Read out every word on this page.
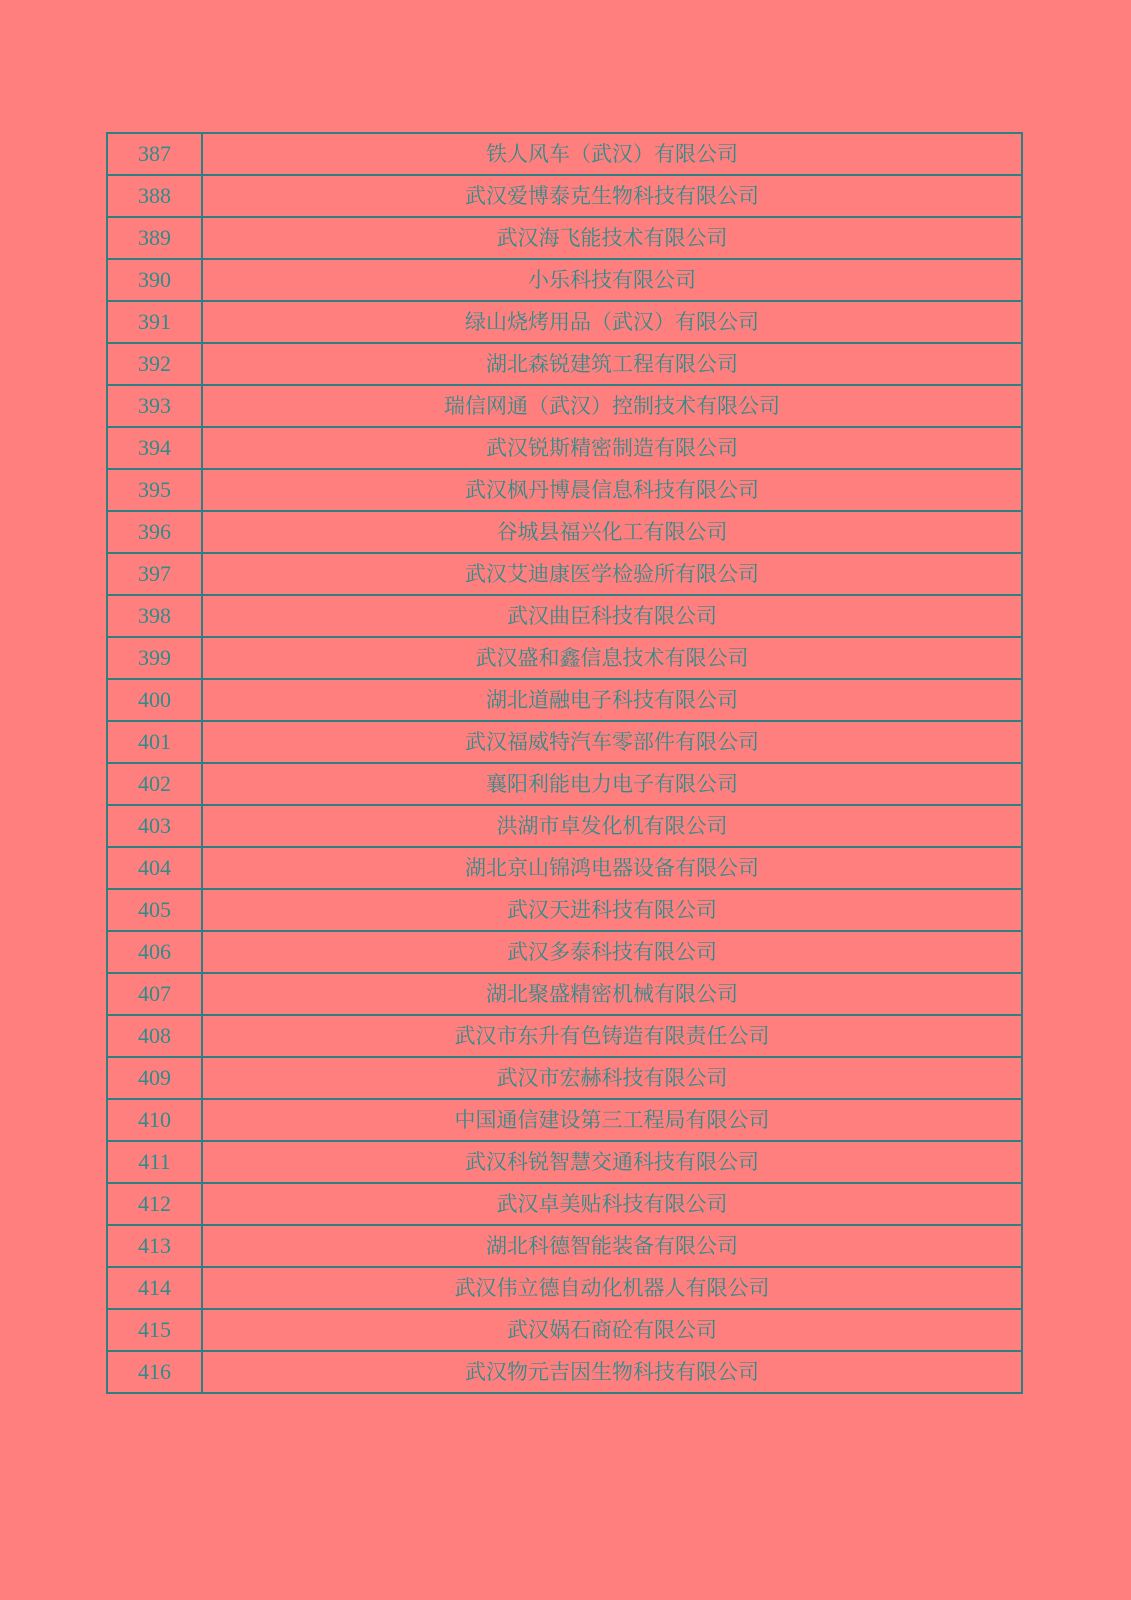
387	铁人风车（武汉）有限公司
388	武汉爱博泰克生物科技有限公司
389	武汉海飞能技术有限公司
390	小乐科技有限公司
391	绿山烧烤用品（武汉）有限公司
392	湖北森锐建筑工程有限公司
393	瑞信网通（武汉）控制技术有限公司
394	武汉锐斯精密制造有限公司
395	武汉枫丹博晨信息科技有限公司
396	谷城县福兴化工有限公司
397	武汉艾迪康医学检验所有限公司
398	武汉曲臣科技有限公司
399	武汉盛和鑫信息技术有限公司
400	湖北道融电子科技有限公司
401	武汉福威特汽车零部件有限公司
402	襄阳利能电力电子有限公司
403	洪湖市卓发化机有限公司
404	湖北京山锦鸿电器设备有限公司
405	武汉天进科技有限公司
406	武汉多泰科技有限公司
407	湖北聚盛精密机械有限公司
408	武汉市东升有色铸造有限责任公司
409	武汉市宏赫科技有限公司
410	中国通信建设第三工程局有限公司
411	武汉科锐智慧交通科技有限公司
412	武汉卓美贴科技有限公司
413	湖北科德智能装备有限公司
414	武汉伟立德自动化机器人有限公司
415	武汉娲石商砼有限公司
416	武汉物元吉因生物科技有限公司
